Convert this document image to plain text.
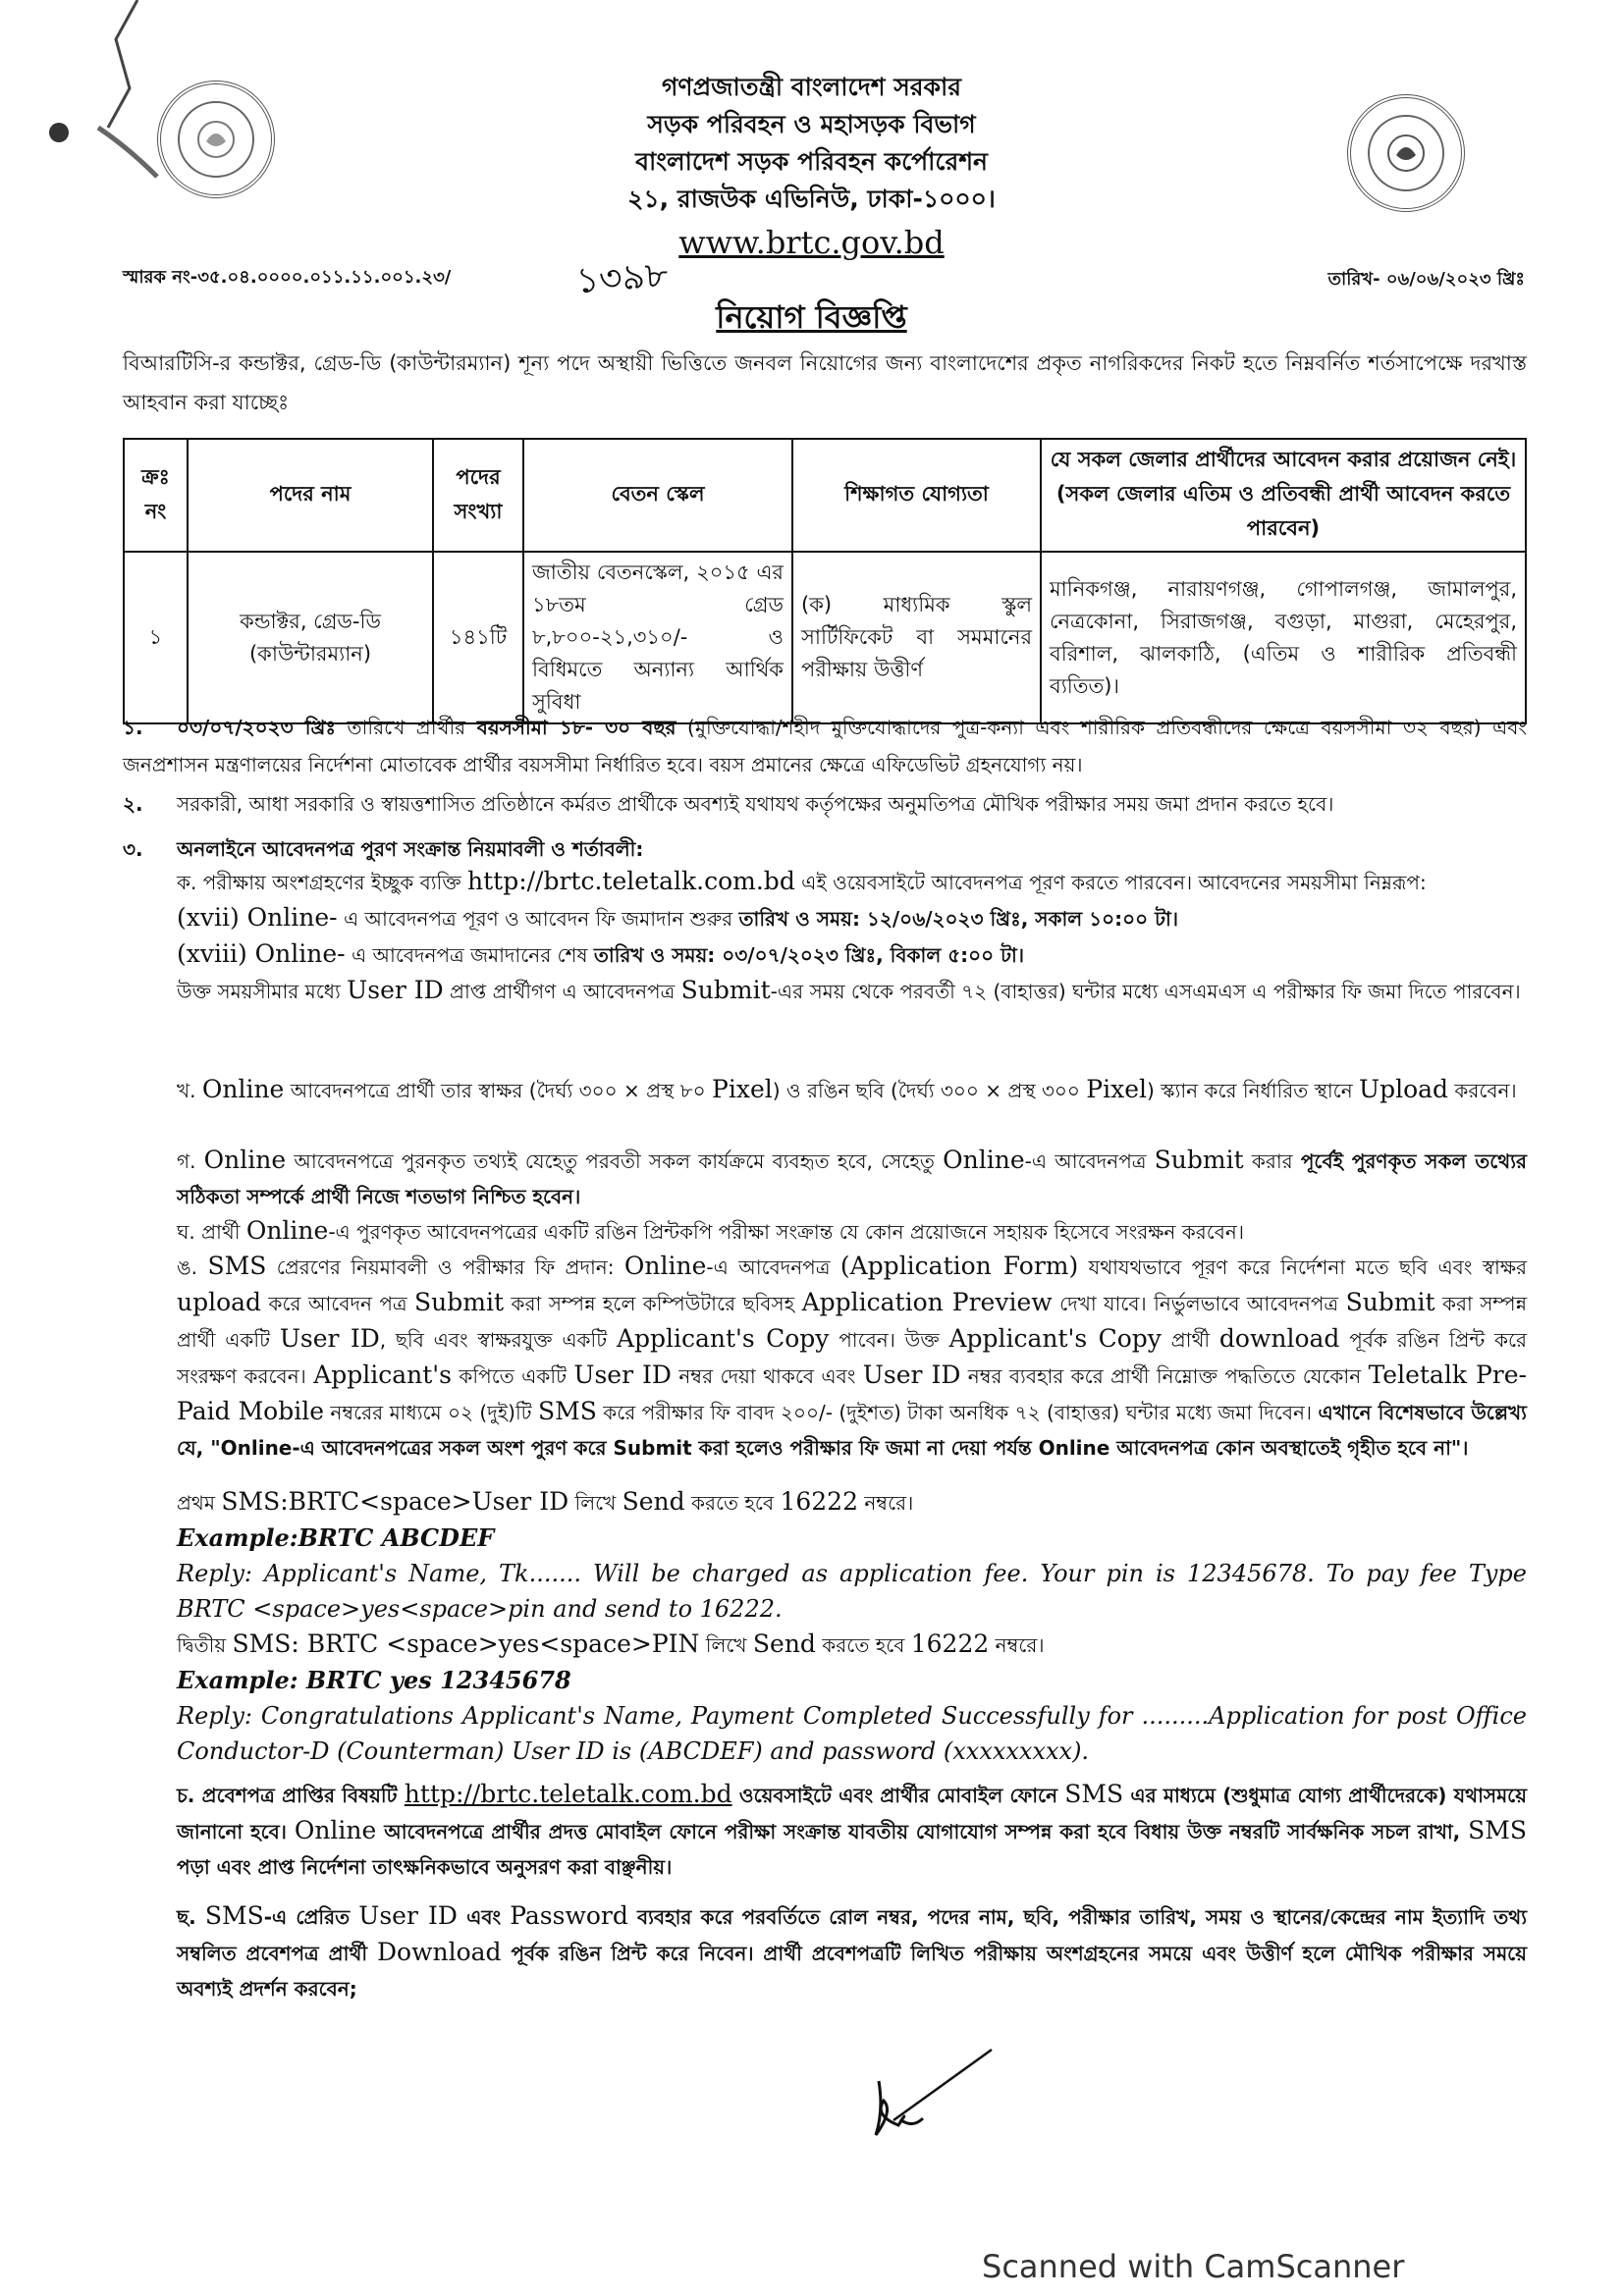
গণপ্রজাতন্ত্রী বাংলাদেশ সরকার
সড়ক পরিবহন ও মহাসড়ক বিভাগ
বাংলাদেশ সড়ক পরিবহন কর্পোরেশন
২১, রাজউক এভিনিউ, ঢাকা-১০০০।
www.brtc.gov.bd
স্মারক নং-৩৫.০৪.০০০০.০১১.১১.০০১.২৩/	১৩৯৮	তারিখ- ০৬/০৬/২০২৩ খ্রিঃ
নিয়োগ বিজ্ঞপ্তি
বিআরটিসি-র কন্ডাক্টর, গ্রেড-ডি (কাউন্টারম্যান) শূন্য পদে অস্থায়ী ভিত্তিতে জনবল নিয়োগের জন্য বাংলাদেশের প্রকৃত নাগরিকদের নিকট হতে নিম্নবর্নিত শর্তসাপেক্ষে দরখাস্ত আহবান করা যাচ্ছেঃ
ক্রঃ নং	পদের নাম	পদের সংখ্যা	বেতন স্কেল	শিক্ষাগত যোগ্যতা	যে সকল জেলার প্রার্থীদের আবেদন করার প্রয়োজন নেই। (সকল জেলার এতিম ও প্রতিবন্ধী প্রার্থী আবেদন করতে পারবেন)
১	কন্ডাক্টর, গ্রেড-ডি (কাউন্টারম্যান)	১৪১টি	জাতীয় বেতনস্কেল, ২০১৫ এর ১৮তম গ্রেড ৮,৮০০-২১,৩১০/- ও বিধিমতে অন্যান্য আর্থিক সুবিধা	(ক) মাধ্যমিক স্কুল সার্টিফিকেট বা সমমানের পরীক্ষায় উত্তীর্ণ	মানিকগঞ্জ, নারায়ণগঞ্জ, গোপালগঞ্জ, জামালপুর, নেত্রকোনা, সিরাজগঞ্জ, বগুড়া, মাগুরা, মেহেরপুর, বরিশাল, ঝালকাঠি, (এতিম ও শারীরিক প্রতিবন্ধী ব্যতিত)।
১. ০৩/০৭/২০২৩ খ্রিঃ তারিখে প্রার্থীর বয়সসীমা ১৮- ৩০ বছর (মুক্তিযোদ্ধা/শহীদ মুক্তিযোদ্ধাদের পুত্র-কন্যা এবং শারীরিক প্রতিবন্ধীদের ক্ষেত্রে বয়সসীমা ৩২ বছর) এবং জনপ্রশাসন মন্ত্রণালয়ের নির্দেশনা মোতাবেক প্রার্থীর বয়সসীমা নির্ধারিত হবে। বয়স প্রমানের ক্ষেত্রে এফিডেভিট গ্রহনযোগ্য নয়।
২. সরকারী, আধা সরকারি ও স্বায়ত্তশাসিত প্রতিষ্ঠানে কর্মরত প্রার্থীকে অবশ্যই যথাযথ কর্তৃপক্ষের অনুমতিপত্র মৌখিক পরীক্ষার সময় জমা প্রদান করতে হবে।
৩. অনলাইনে আবেদনপত্র পুরণ সংক্রান্ত নিয়মাবলী ও শর্তাবলী:
ক. পরীক্ষায় অংশগ্রহণের ইচ্ছুক ব্যক্তি http://brtc.teletalk.com.bd এই ওয়েবসাইটে আবেদনপত্র পূরণ করতে পারবেন। আবেদনের সময়সীমা নিম্নরূপ:
(xvii) Online- এ আবেদনপত্র পূরণ ও আবেদন ফি জমাদান শুরুর তারিখ ও সময়: ১২/০৬/২০২৩ খ্রিঃ, সকাল ১০:০০ টা।
(xviii) Online- এ আবেদনপত্র জমাদানের শেষ তারিখ ও সময়: ০৩/০৭/২০২৩ খ্রিঃ, বিকাল ৫:০০ টা।
উক্ত সময়সীমার মধ্যে User ID প্রাপ্ত প্রার্থীগণ এ আবেদনপত্র Submit-এর সময় থেকে পরবর্তী ৭২ (বাহাত্তর) ঘন্টার মধ্যে এসএমএস এ পরীক্ষার ফি জমা দিতে পারবেন।
খ. Online আবেদনপত্রে প্রার্থী তার স্বাক্ষর (দৈর্ঘ্য ৩০০ × প্রস্থ ৮০ Pixel) ও রঙিন ছবি (দৈর্ঘ্য ৩০০ × প্রস্থ ৩০০ Pixel) স্ক্যান করে নির্ধারিত স্থানে Upload করবেন।
গ. Online আবেদনপত্রে পুরনকৃত তথ্যই যেহেতু পরবতী সকল কার্যক্রমে ব্যবহৃত হবে, সেহেতু Online-এ আবেদনপত্র Submit করার পূর্বেই পুরণকৃত সকল তথ্যের সঠিকতা সম্পর্কে প্রার্থী নিজে শতভাগ নিশ্চিত হবেন।
ঘ. প্রার্থী Online-এ পুরণকৃত আবেদনপত্রের একটি রঙিন প্রিন্টকপি পরীক্ষা সংক্রান্ত যে কোন প্রয়োজনে সহায়ক হিসেবে সংরক্ষন করবেন।
ঙ. SMS প্রেরণের নিয়মাবলী ও পরীক্ষার ফি প্রদান: Online-এ আবেদনপত্র (Application Form) যথাযথভাবে পূরণ করে নির্দেশনা মতে ছবি এবং স্বাক্ষর upload করে আবেদন পত্র Submit করা সম্পন্ন হলে কম্পিউটারে ছবিসহ Application Preview দেখা যাবে। নির্ভুলভাবে আবেদনপত্র Submit করা সম্পন্ন প্রার্থী একটি User ID, ছবি এবং স্বাক্ষরযুক্ত একটি Applicant's Copy পাবেন। উক্ত Applicant's Copy প্রার্থী download পূর্বক রঙিন প্রিন্ট করে সংরক্ষণ করবেন। Applicant's কপিতে একটি User ID নম্বর দেয়া থাকবে এবং User ID নম্বর ব্যবহার করে প্রার্থী নিম্নোক্ত পদ্ধতিতে যেকোন Teletalk Pre-Paid Mobile নম্বরের মাধ্যমে ০২ (দুই)টি SMS করে পরীক্ষার ফি বাবদ ২০০/- (দুইশত) টাকা অনধিক ৭২ (বাহাত্তর) ঘন্টার মধ্যে জমা দিবেন। এখানে বিশেষভাবে উল্লেখ্য যে, "Online-এ আবেদনপত্রের সকল অংশ পুরণ করে Submit করা হলেও পরীক্ষার ফি জমা না দেয়া পর্যন্ত Online আবেদনপত্র কোন অবস্থাতেই গৃহীত হবে না"।
প্রথম SMS:BRTC<space>User ID লিখে Send করতে হবে 16222 নম্বরে।
Example:BRTC ABCDEF
Reply: Applicant's Name, Tk....... Will be charged as application fee. Your pin is 12345678. To pay fee Type BRTC <space>yes<space>pin and send to 16222.
দ্বিতীয় SMS: BRTC <space>yes<space>PIN লিখে Send করতে হবে 16222 নম্বরে।
Example: BRTC yes 12345678
Reply: Congratulations Applicant's Name, Payment Completed Successfully for .........Application for post Office Conductor-D (Counterman) User ID is (ABCDEF) and password (xxxxxxxxx).
চ. প্রবেশপত্র প্রাপ্তির বিষয়টি http://brtc.teletalk.com.bd ওয়েবসাইটে এবং প্রার্থীর মোবাইল ফোনে SMS এর মাধ্যমে (শুধুমাত্র যোগ্য প্রার্থীদেরকে) যথাসময়ে জানানো হবে। Online আবেদনপত্রে প্রার্থীর প্রদত্ত মোবাইল ফোনে পরীক্ষা সংক্রান্ত যাবতীয় যোগাযোগ সম্পন্ন করা হবে বিধায় উক্ত নম্বরটি সার্বক্ষনিক সচল রাখা, SMS পড়া এবং প্রাপ্ত নির্দেশনা তাৎক্ষনিকভাবে অনুসরণ করা বাঞ্ছনীয়।
ছ. SMS-এ প্রেরিত User ID এবং Password ব্যবহার করে পরবর্তিতে রোল নম্বর, পদের নাম, ছবি, পরীক্ষার তারিখ, সময় ও স্থানের/কেন্দ্রের নাম ইত্যাদি তথ্য সম্বলিত প্রবেশপত্র প্রার্থী Download পূর্বক রঙিন প্রিন্ট করে নিবেন। প্রার্থী প্রবেশপত্রটি লিখিত পরীক্ষায় অংশগ্রহনের সময়ে এবং উত্তীর্ণ হলে মৌখিক পরীক্ষার সময়ে অবশ্যই প্রদর্শন করবেন;
Scanned with CamScanner
